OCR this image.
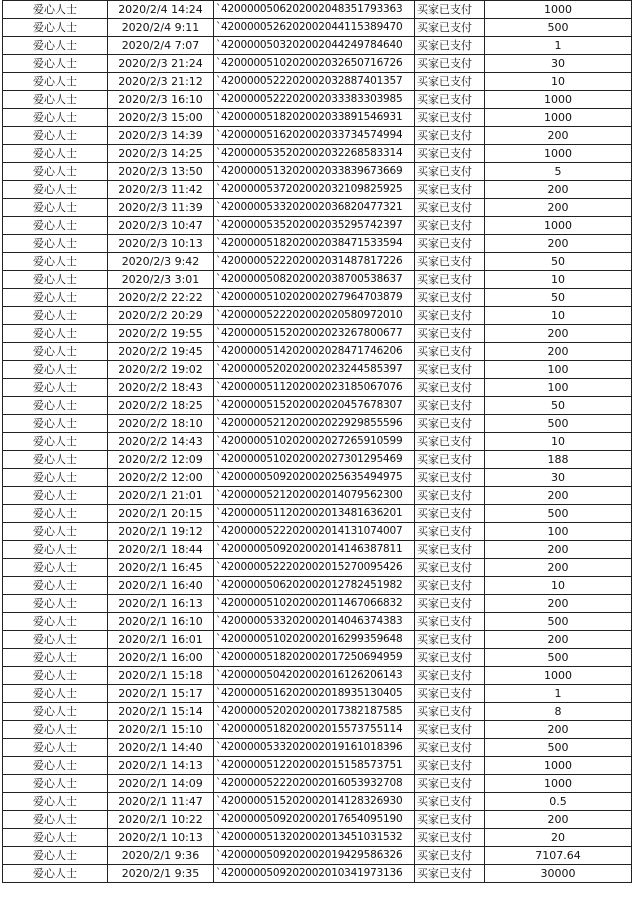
爱心人士	2020/2/4 14:24	`4200000506202002048351793363	买家已支付	1000
爱心人士	2020/2/4 9:11	`4200000526202002044115389470	买家已支付	500
爱心人士	2020/2/4 7:07	`4200000503202002044249784640	买家已支付	1
爱心人士	2020/2/3 21:24	`4200000510202002032650716726	买家已支付	30
爱心人士	2020/2/3 21:12	`4200000522202002032887401357	买家已支付	10
爱心人士	2020/2/3 16:10	`4200000522202002033383303985	买家已支付	1000
爱心人士	2020/2/3 15:00	`4200000518202002033891546931	买家已支付	1000
爱心人士	2020/2/3 14:39	`4200000516202002033734574994	买家已支付	200
爱心人士	2020/2/3 14:25	`4200000535202002032268583314	买家已支付	1000
爱心人士	2020/2/3 13:50	`4200000513202002033839673669	买家已支付	5
爱心人士	2020/2/3 11:42	`4200000537202002032109825925	买家已支付	200
爱心人士	2020/2/3 11:39	`4200000533202002036820477321	买家已支付	200
爱心人士	2020/2/3 10:47	`4200000535202002035295742397	买家已支付	1000
爱心人士	2020/2/3 10:13	`4200000518202002038471533594	买家已支付	200
爱心人士	2020/2/3 9:42	`4200000522202002031487817226	买家已支付	50
爱心人士	2020/2/3 3:01	`4200000508202002038700538637	买家已支付	10
爱心人士	2020/2/2 22:22	`4200000510202002027964703879	买家已支付	50
爱心人士	2020/2/2 20:29	`4200000522202002020580972010	买家已支付	10
爱心人士	2020/2/2 19:55	`4200000515202002023267800677	买家已支付	200
爱心人士	2020/2/2 19:45	`4200000514202002028471746206	买家已支付	200
爱心人士	2020/2/2 19:02	`4200000520202002023244585397	买家已支付	100
爱心人士	2020/2/2 18:43	`4200000511202002023185067076	买家已支付	100
爱心人士	2020/2/2 18:25	`4200000515202002020457678307	买家已支付	50
爱心人士	2020/2/2 18:10	`4200000521202002022929855596	买家已支付	500
爱心人士	2020/2/2 14:43	`4200000510202002027265910599	买家已支付	10
爱心人士	2020/2/2 12:09	`4200000510202002027301295469	买家已支付	188
爱心人士	2020/2/2 12:00	`4200000509202002025635494975	买家已支付	30
爱心人士	2020/2/1 21:01	`4200000521202002014079562300	买家已支付	200
爱心人士	2020/2/1 20:15	`4200000511202002013481636201	买家已支付	500
爱心人士	2020/2/1 19:12	`4200000522202002014131074007	买家已支付	100
爱心人士	2020/2/1 18:44	`4200000509202002014146387811	买家已支付	200
爱心人士	2020/2/1 16:45	`4200000522202002015270095426	买家已支付	200
爱心人士	2020/2/1 16:40	`4200000506202002012782451982	买家已支付	10
爱心人士	2020/2/1 16:13	`4200000510202002011467066832	买家已支付	200
爱心人士	2020/2/1 16:10	`4200000533202002014046374383	买家已支付	500
爱心人士	2020/2/1 16:01	`4200000510202002016299359648	买家已支付	200
爱心人士	2020/2/1 16:00	`4200000518202002017250694959	买家已支付	500
爱心人士	2020/2/1 15:18	`4200000504202002016126206143	买家已支付	1000
爱心人士	2020/2/1 15:17	`4200000516202002018935130405	买家已支付	1
爱心人士	2020/2/1 15:14	`4200000520202002017382187585	买家已支付	8
爱心人士	2020/2/1 15:10	`4200000518202002015573755114	买家已支付	200
爱心人士	2020/2/1 14:40	`4200000533202002019161018396	买家已支付	500
爱心人士	2020/2/1 14:13	`4200000512202002015158573751	买家已支付	1000
爱心人士	2020/2/1 14:09	`4200000522202002016053932708	买家已支付	1000
爱心人士	2020/2/1 11:47	`4200000515202002014128326930	买家已支付	0.5
爱心人士	2020/2/1 10:22	`4200000509202002017654095190	买家已支付	200
爱心人士	2020/2/1 10:13	`4200000513202002013451031532	买家已支付	20
爱心人士	2020/2/1 9:36	`4200000509202002019429586326	买家已支付	7107.64
爱心人士	2020/2/1 9:35	`4200000509202002010341973136	买家已支付	30000
